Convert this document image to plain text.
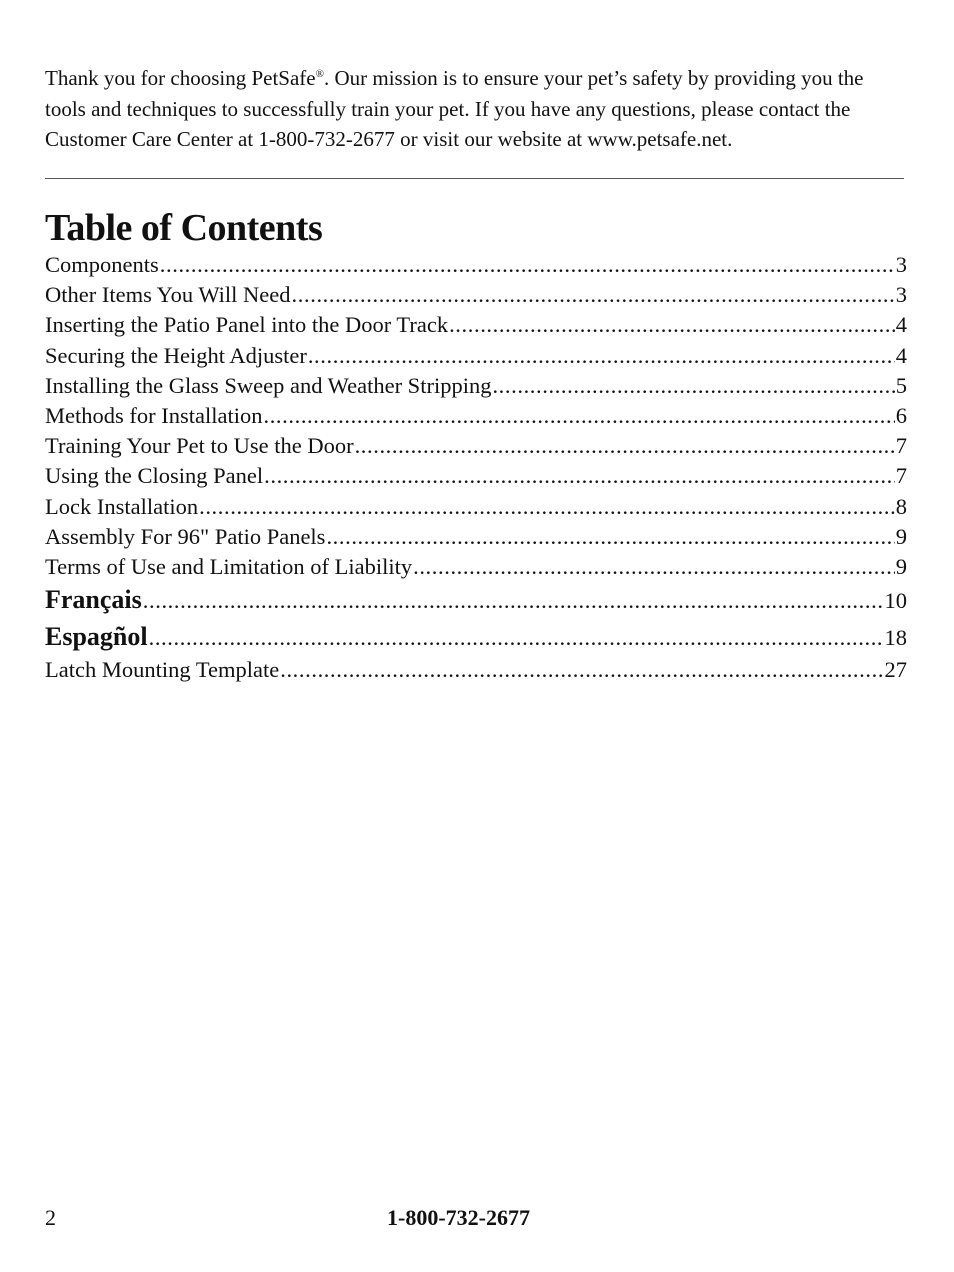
Thank you for choosing PetSafe®. Our mission is to ensure your pet’s safety by providing you the tools and techniques to successfully train your pet. If you have any questions, please contact the Customer Care Center at 1-800-732-2677 or visit our website at www.petsafe.net.

Table of Contents
Components .....	3
Other Items You Will Need .....	3
Inserting the Patio Panel into the Door Track .....	4
Securing the Height Adjuster .....	4
Installing the Glass Sweep and Weather Stripping .....	5
Methods for Installation .....	6
Training Your Pet to Use the Door .....	7
Using the Closing Panel .....	7
Lock Installation .....	8
Assembly For 96" Patio Panels .....	9
Terms of Use and Limitation of Liability .....	9
Français .....	10
Espagñol .....	18
Latch Mounting Template .....	27
2	1-800-732-2677
